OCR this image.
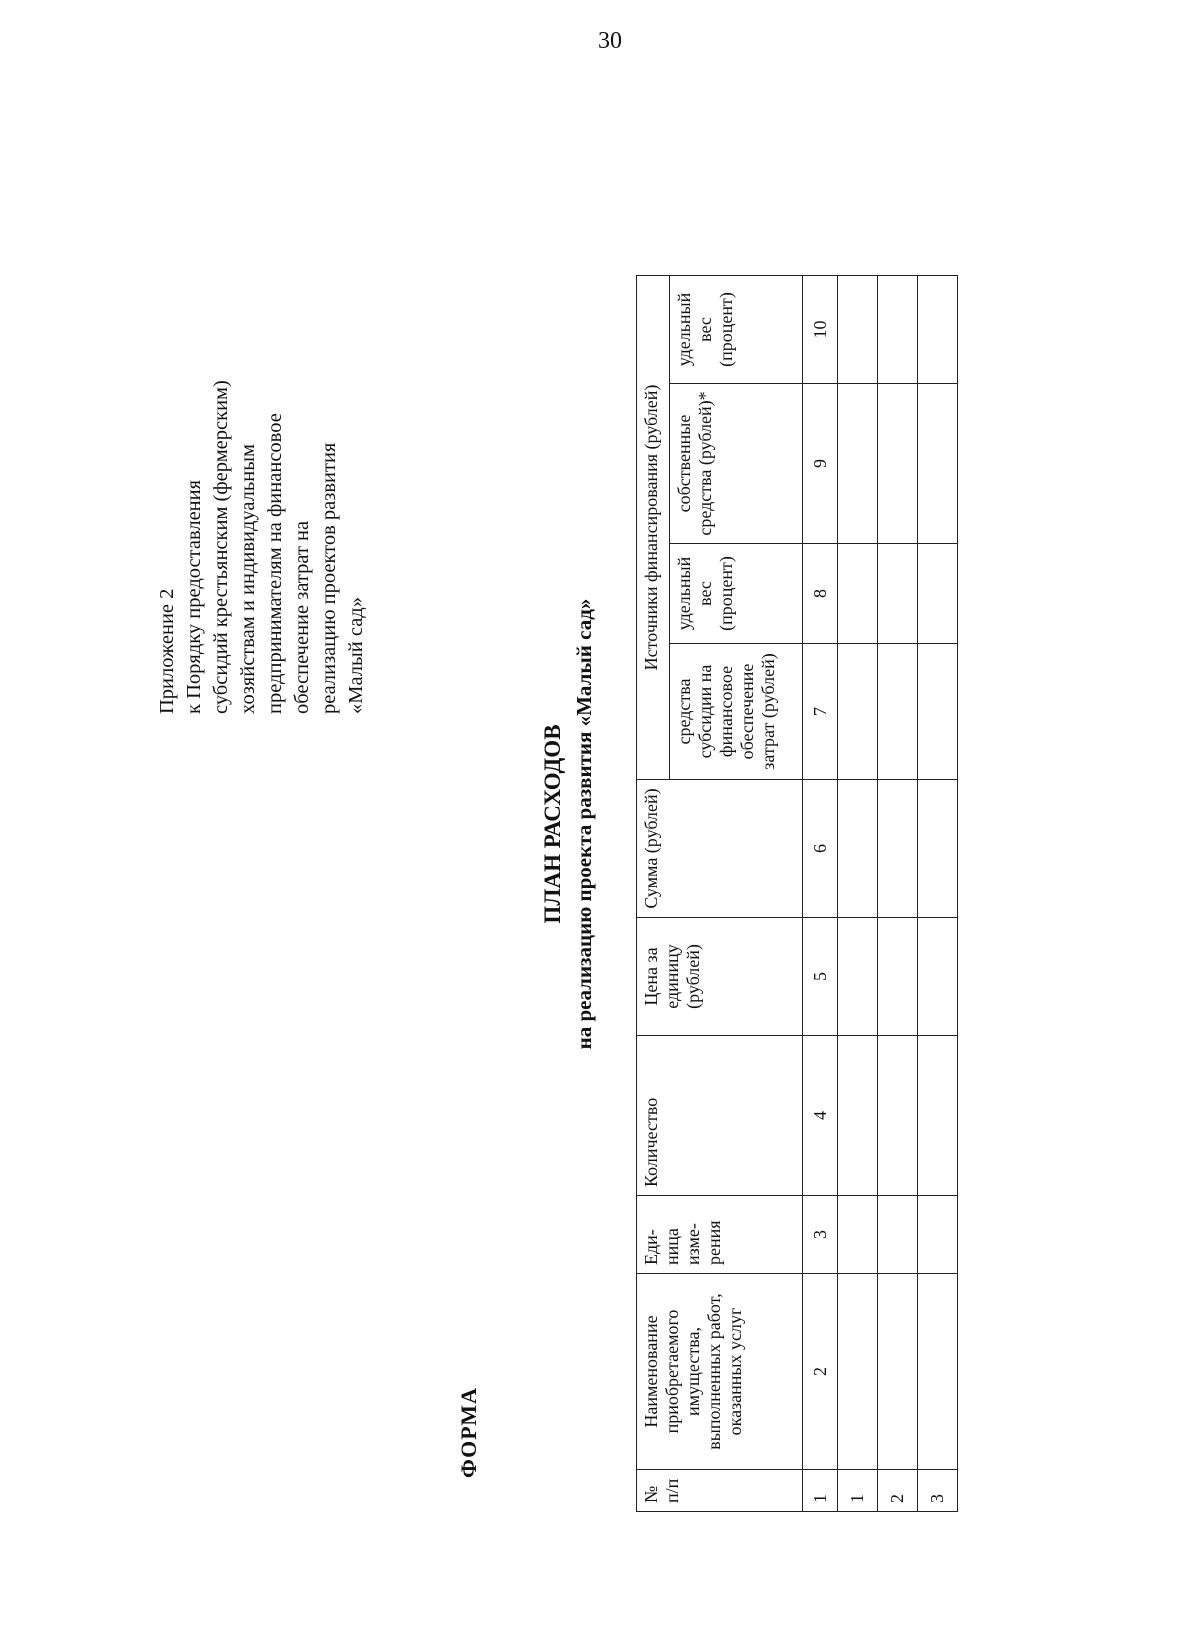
30
Приложение 2 к Порядку предоставления субсидий крестьянским (фермерским) хозяйствам и индивидуальным предпринимателям на финансовое обеспечение затрат на реализацию проектов развития «Малый сад»
ФОРМА
ПЛАН РАСХОДОВ на реализацию проекта развития «Малый сад»
№ п/п	Наименование приобретаемого имущества, выполненных работ, оказанных услуг	Еди-ница изме-рения	Количество	Цена за единицу (рублей)	Сумма (рублей)	Источники финансирования (рублей)			
						средства субсидии на финансовое обеспечение затрат (рублей)	удельный вес (процент)	собственные средства (рублей)*	удельный вес (процент)
1	2	3	4	5	6	7	8	9	10
1									
2									
3									
